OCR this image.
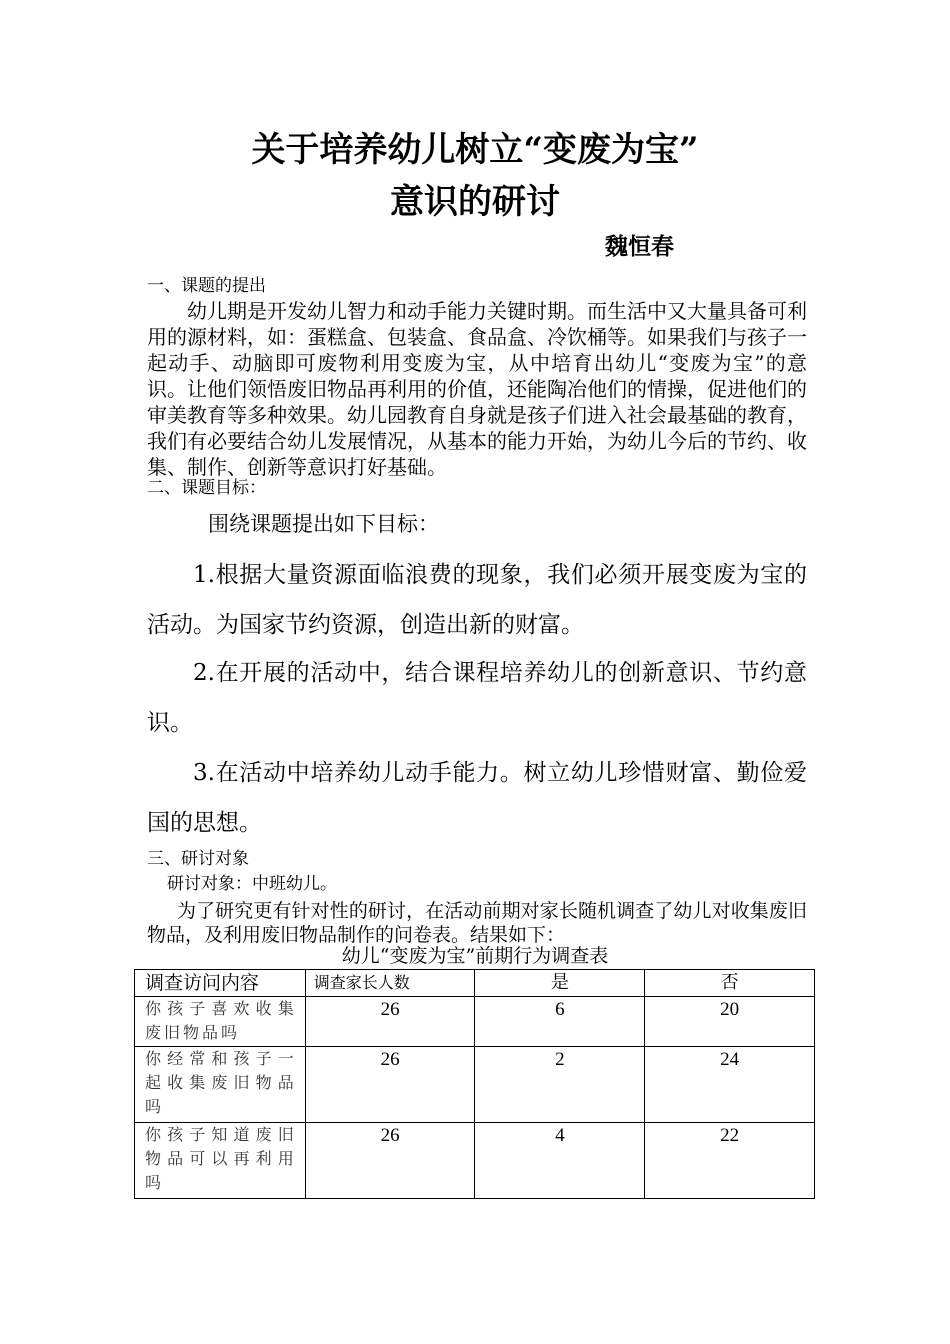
关于培养幼儿树立“变废为宝”
意识的研讨
魏恒春
一、课题的提出
幼儿期是开发幼儿智力和动手能力关键时期。而生活中又大量具备可利用的源材料，如：蛋糕盒、包装盒、食品盒、冷饮桶等。如果我们与孩子一起动手、动脑即可废物利用变废为宝，从中培育出幼儿“变废为宝”的意识。让他们领悟废旧物品再利用的价值，还能陶冶他们的情操，促进他们的审美教育等多种效果。幼儿园教育自身就是孩子们进入社会最基础的教育，我们有必要结合幼儿发展情况，从基本的能力开始，为幼儿今后的节约、收集、制作、创新等意识打好基础。
二、课题目标：
围绕课题提出如下目标：
1.根据大量资源面临浪费的现象，我们必须开展变废为宝的活动。为国家节约资源，创造出新的财富。
2.在开展的活动中，结合课程培养幼儿的创新意识、节约意识。
3.在活动中培养幼儿动手能力。树立幼儿珍惜财富、勤俭爱国的思想。
三、研讨对象
研讨对象：中班幼儿。
为了研究更有针对性的研讨，在活动前期对家长随机调查了幼儿对收集废旧物品，及利用废旧物品制作的问卷表。结果如下：
幼儿“变废为宝”前期行为调查表
调查访问内容	调查家长人数	是	否
你孩子喜欢收集废旧物品吗	26	6	20
你经常和孩子一起收集废旧物品吗	26	2	24
你孩子知道废旧物品可以再利用吗	26	4	22
